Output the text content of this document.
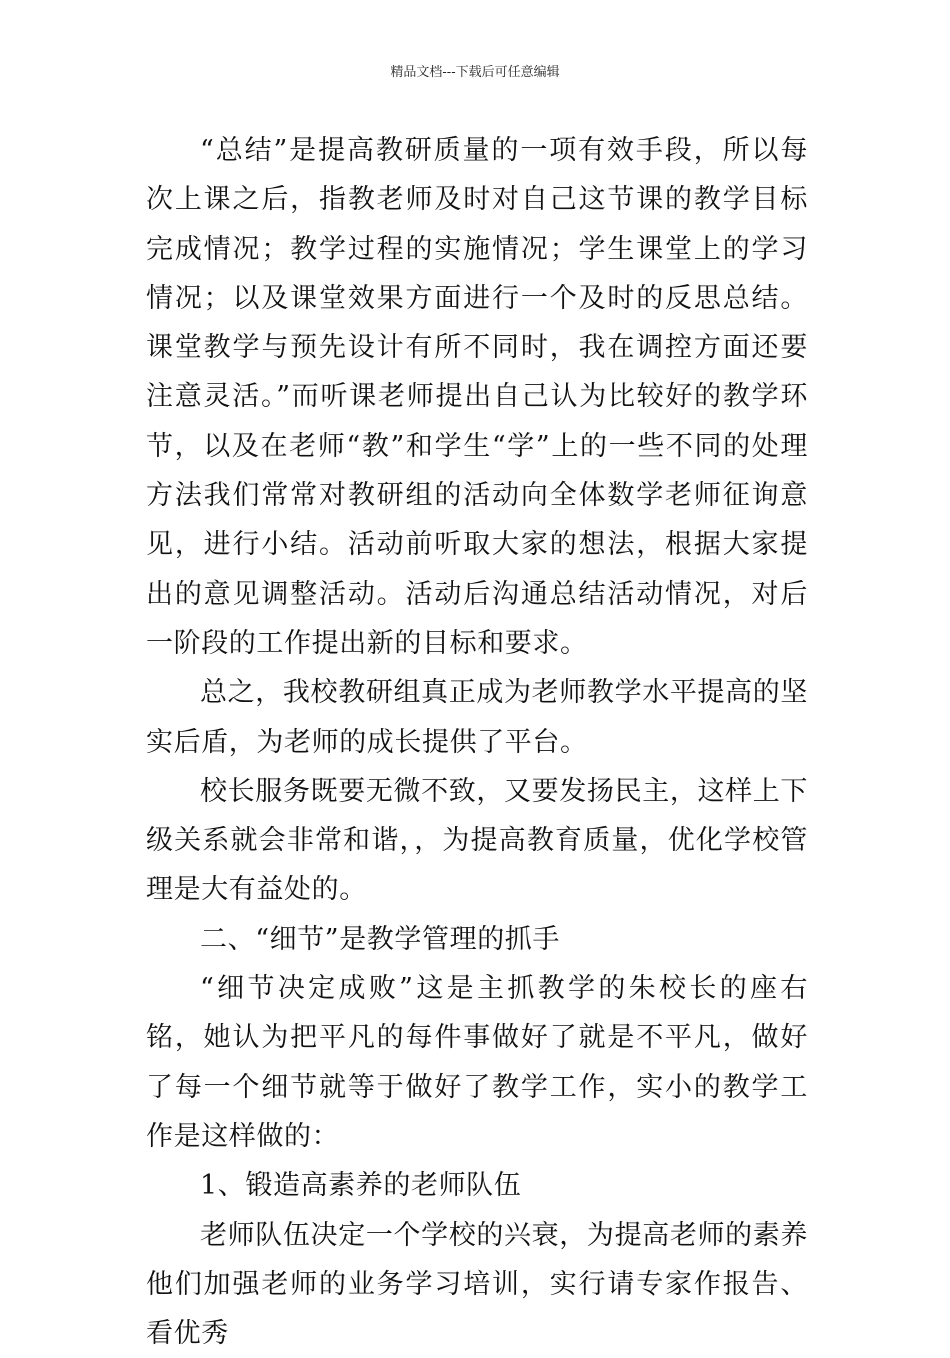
精品文档---下载后可任意编辑

“总结”是提高教研质量的一项有效手段，所以每次上课之后，指教老师及时对自己这节课的教学目标完成情况；教学过程的实施情况；学生课堂上的学习情况；以及课堂效果方面进行一个及时的反思总结。课堂教学与预先设计有所不同时，我在调控方面还要注意灵活。”而听课老师提出自己认为比较好的教学环节，以及在老师“教”和学生“学”上的一些不同的处理方法我们常常对教研组的活动向全体数学老师征询意见，进行小结。活动前听取大家的想法，根据大家提出的意见调整活动。活动后沟通总结活动情况，对后一阶段的工作提出新的目标和要求。

总之，我校教研组真正成为老师教学水平提高的坚实后盾，为老师的成长提供了平台。

校长服务既要无微不致，又要发扬民主，这样上下级关系就会非常和谐，，为提高教育质量，优化学校管理是大有益处的。

二、“细节”是教学管理的抓手

“细节决定成败”这是主抓教学的朱校长的座右铭，她认为把平凡的每件事做好了就是不平凡，做好了每一个细节就等于做好了教学工作，实小的教学工作是这样做的：

1、锻造高素养的老师队伍

老师队伍决定一个学校的兴衰，为提高老师的素养他们加强老师的业务学习培训，实行请专家作报告、看优秀
